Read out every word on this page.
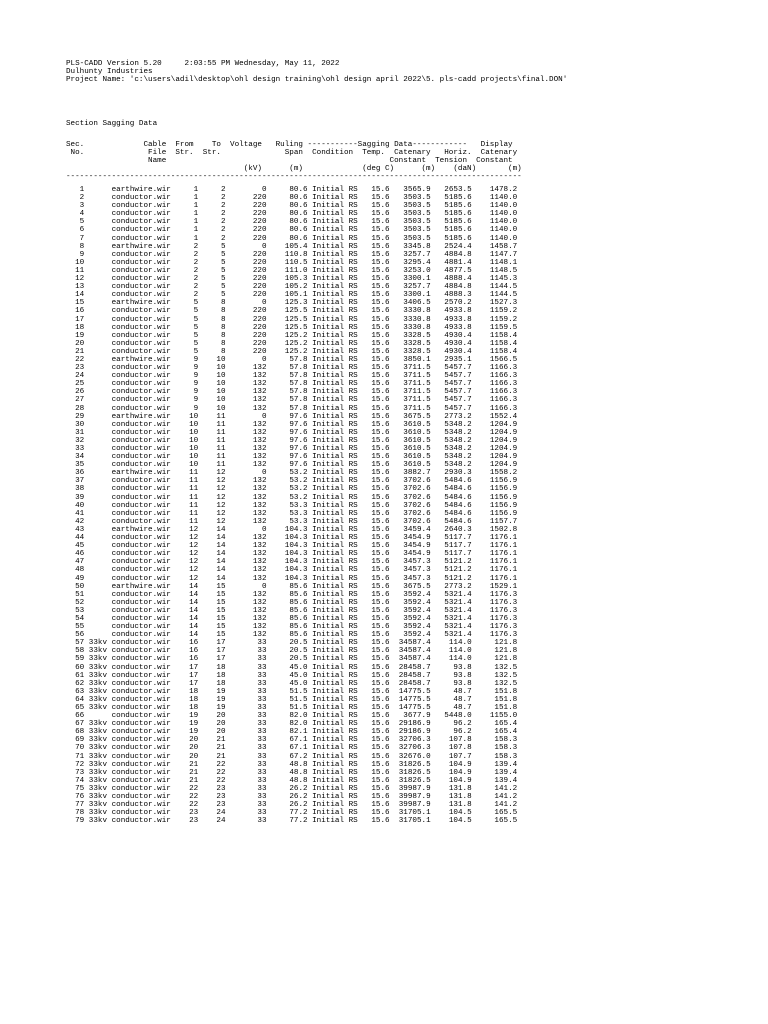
PLS-CADD Version 5.20     2:03:55 PM Wednesday, May 11, 2022
Dulhunty Industries
Project Name: 'c:\users\adil\desktop\ohl design training\ohl design april 2022\5. pls-cadd projects\final.DON'
Section Sagging Data
Sec.             Cable  From    To  Voltage   Ruling -----------Sagging Data------------   Display
No.              File  Str.  Str.              Span  Condition  Temp.  Catenary   Horiz.  Catenary
Name                                                 Constant  Tension  Constant
(kV)      (m)             (deg C)      (m)    (daN)       (m)
----------------------------------------------------------------------------------------------------
1	earthwire.wir     1     2        0     80.6 Initial RS   15.6   3565.9   2653.5    1478.2
2	conductor.wir     1     2      220     80.6 Initial RS   15.6   3503.5   5185.6    1140.0
3	conductor.wir     1     2      220     80.6 Initial RS   15.6   3503.5   5185.6    1140.0
4	conductor.wir     1     2      220     80.6 Initial RS   15.6   3503.5   5185.6    1140.0
5	conductor.wir     1     2      220     80.6 Initial RS   15.6   3503.5   5185.6    1140.0
6	conductor.wir     1     2      220     80.6 Initial RS   15.6   3503.5   5185.6    1140.0
7	conductor.wir     1     2      220     80.6 Initial RS   15.6   3503.5   5185.6    1140.0
8	earthwire.wir     2     5        0    105.4 Initial RS   15.6   3345.8   2524.4    1458.7
9	conductor.wir     2     5      220    110.8 Initial RS   15.6   3257.7   4884.8    1147.7
10	conductor.wir     2     5      220    110.5 Initial RS   15.6   3295.4   4881.4    1148.1
11	conductor.wir     2     5      220    111.0 Initial RS   15.6   3253.0   4877.5    1148.5
12	conductor.wir     2     5      220    105.3 Initial RS   15.6   3300.1   4888.4    1145.3
13	conductor.wir     2     5      220    105.2 Initial RS   15.6   3257.7   4884.8    1144.5
14	conductor.wir     2     5      220    105.1 Initial RS   15.6   3300.1   4888.3    1144.5
15	earthwire.wir     5     8        0    125.3 Initial RS   15.6   3406.5   2570.2    1527.3
16	conductor.wir     5     8      220    125.5 Initial RS   15.6   3330.8   4933.8    1159.2
17	conductor.wir     5     8      220    125.5 Initial RS   15.6   3330.8   4933.8    1159.2
18	conductor.wir     5     8      220    125.5 Initial RS   15.6   3330.8   4933.8    1159.5
19	conductor.wir     5     8      220    125.2 Initial RS   15.6   3328.5   4930.4    1158.4
20	conductor.wir     5     8      220    125.2 Initial RS   15.6   3328.5   4930.4    1158.4
21	conductor.wir     5     8      220    125.2 Initial RS   15.6   3328.5   4930.4    1158.4
22	earthwire.wir     9    10        0     57.8 Initial RS   15.6   3850.1   2935.1    1566.5
23	conductor.wir     9    10      132     57.8 Initial RS   15.6   3711.5   5457.7    1166.3
24	conductor.wir     9    10      132     57.8 Initial RS   15.6   3711.5   5457.7    1166.3
25	conductor.wir     9    10      132     57.8 Initial RS   15.6   3711.5   5457.7    1166.3
26	conductor.wir     9    10      132     57.8 Initial RS   15.6   3711.5   5457.7    1166.3
27	conductor.wir     9    10      132     57.8 Initial RS   15.6   3711.5   5457.7    1166.3
28	conductor.wir     9    10      132     57.8 Initial RS   15.6   3711.5   5457.7    1166.3
29	earthwire.wir    10    11        0     97.6 Initial RS   15.6   3675.5   2773.2    1552.4
30	conductor.wir    10    11      132     97.6 Initial RS   15.6   3610.5   5348.2    1204.9
31	conductor.wir    10    11      132     97.6 Initial RS   15.6   3610.5   5348.2    1204.9
32	conductor.wir    10    11      132     97.6 Initial RS   15.6   3610.5   5348.2    1204.9
33	conductor.wir    10    11      132     97.6 Initial RS   15.6   3610.5   5348.2    1204.9
34	conductor.wir    10    11      132     97.6 Initial RS   15.6   3610.5   5348.2    1204.9
35	conductor.wir    10    11      132     97.6 Initial RS   15.6   3610.5   5348.2    1204.9
36	earthwire.wir    11    12        0     53.2 Initial RS   15.6   3882.7   2930.3    1558.2
37	conductor.wir    11    12      132     53.2 Initial RS   15.6   3702.6   5484.6    1156.9
38	conductor.wir    11    12      132     53.2 Initial RS   15.6   3702.6   5484.6    1156.9
39	conductor.wir    11    12      132     53.2 Initial RS   15.6   3702.6   5484.6    1156.9
40	conductor.wir    11    12      132     53.3 Initial RS   15.6   3702.6   5484.6    1156.9
41	conductor.wir    11    12      132     53.3 Initial RS   15.6   3702.6   5484.6    1156.9
42	conductor.wir    11    12      132     53.3 Initial RS   15.6   3702.6   5484.6    1157.7
43	earthwire.wir    12    14        0    104.3 Initial RS   15.6   3459.4   2640.3    1502.8
44	conductor.wir    12    14      132    104.3 Initial RS   15.6   3454.9   5117.7    1176.1
45	conductor.wir    12    14      132    104.3 Initial RS   15.6   3454.9   5117.7    1176.1
46	conductor.wir    12    14      132    104.3 Initial RS   15.6   3454.9   5117.7    1176.1
47	conductor.wir    12    14      132    104.3 Initial RS   15.6   3457.3   5121.2    1176.1
48	conductor.wir    12    14      132    104.3 Initial RS   15.6   3457.3   5121.2    1176.1
49	conductor.wir    12    14      132    104.3 Initial RS   15.6   3457.3   5121.2    1176.1
50	earthwire.wir    14    15        0     85.6 Initial RS   15.6   3675.5   2773.2    1529.1
51	conductor.wir    14    15      132     85.6 Initial RS   15.6   3592.4   5321.4    1176.3
52	conductor.wir    14    15      132     85.6 Initial RS   15.6   3592.4   5321.4    1176.3
53	conductor.wir    14    15      132     85.6 Initial RS   15.6   3592.4   5321.4    1176.3
54	conductor.wir    14    15      132     85.6 Initial RS   15.6   3592.4   5321.4    1176.3
55	conductor.wir    14    15      132     85.6 Initial RS   15.6   3592.4   5321.4    1176.3
56	conductor.wir    14    15      132     85.6 Initial RS   15.6   3592.4   5321.4    1176.3
57 33kv conductor.wir    16    17       33     20.5 Initial RS   15.6  34587.4    114.0     121.8
58 33kv conductor.wir    16    17       33     20.5 Initial RS   15.6  34587.4    114.0     121.8
59 33kv conductor.wir    16    17       33     20.5 Initial RS   15.6  34587.4    114.0     121.8
60 33kv conductor.wir    17    18       33     45.0 Initial RS   15.6  28458.7     93.8     132.5
61 33kv conductor.wir    17    18       33     45.0 Initial RS   15.6  28458.7     93.8     132.5
62 33kv conductor.wir    17    18       33     45.0 Initial RS   15.6  28458.7     93.8     132.5
63 33kv conductor.wir    18    19       33     51.5 Initial RS   15.6  14775.5     48.7     151.8
64 33kv conductor.wir    18    19       33     51.5 Initial RS   15.6  14775.5     48.7     151.8
65 33kv conductor.wir    18    19       33     51.5 Initial RS   15.6  14775.5     48.7     151.8
66	conductor.wir    19    20       33     82.0 Initial RS   15.6   3677.9   5448.0    1155.0
67 33kv conductor.wir    19    20       33     82.0 Initial RS   15.6  29186.9     96.2     165.4
68 33kv conductor.wir    19    20       33     82.1 Initial RS   15.6  29186.9     96.2     165.4
69 33kv conductor.wir    20    21       33     67.1 Initial RS   15.6  32706.3    107.8     158.3
70 33kv conductor.wir    20    21       33     67.1 Initial RS   15.6  32706.3    107.8     158.3
71 33kv conductor.wir    20    21       33     67.2 Initial RS   15.6  32676.0    107.7     158.3
72 33kv conductor.wir    21    22       33     48.8 Initial RS   15.6  31826.5    104.9     139.4
73 33kv conductor.wir    21    22       33     48.8 Initial RS   15.6  31826.5    104.9     139.4
74 33kv conductor.wir    21    22       33     48.8 Initial RS   15.6  31826.5    104.9     139.4
75 33kv conductor.wir    22    23       33     26.2 Initial RS   15.6  39987.9    131.8     141.2
76 33kv conductor.wir    22    23       33     26.2 Initial RS   15.6  39987.9    131.8     141.2
77 33kv conductor.wir    22    23       33     26.2 Initial RS   15.6  39987.9    131.8     141.2
78 33kv conductor.wir    23    24       33     77.2 Initial RS   15.6  31705.1    104.5     165.5
79 33kv conductor.wir    23    24       33     77.2 Initial RS   15.6  31705.1    104.5     165.5
